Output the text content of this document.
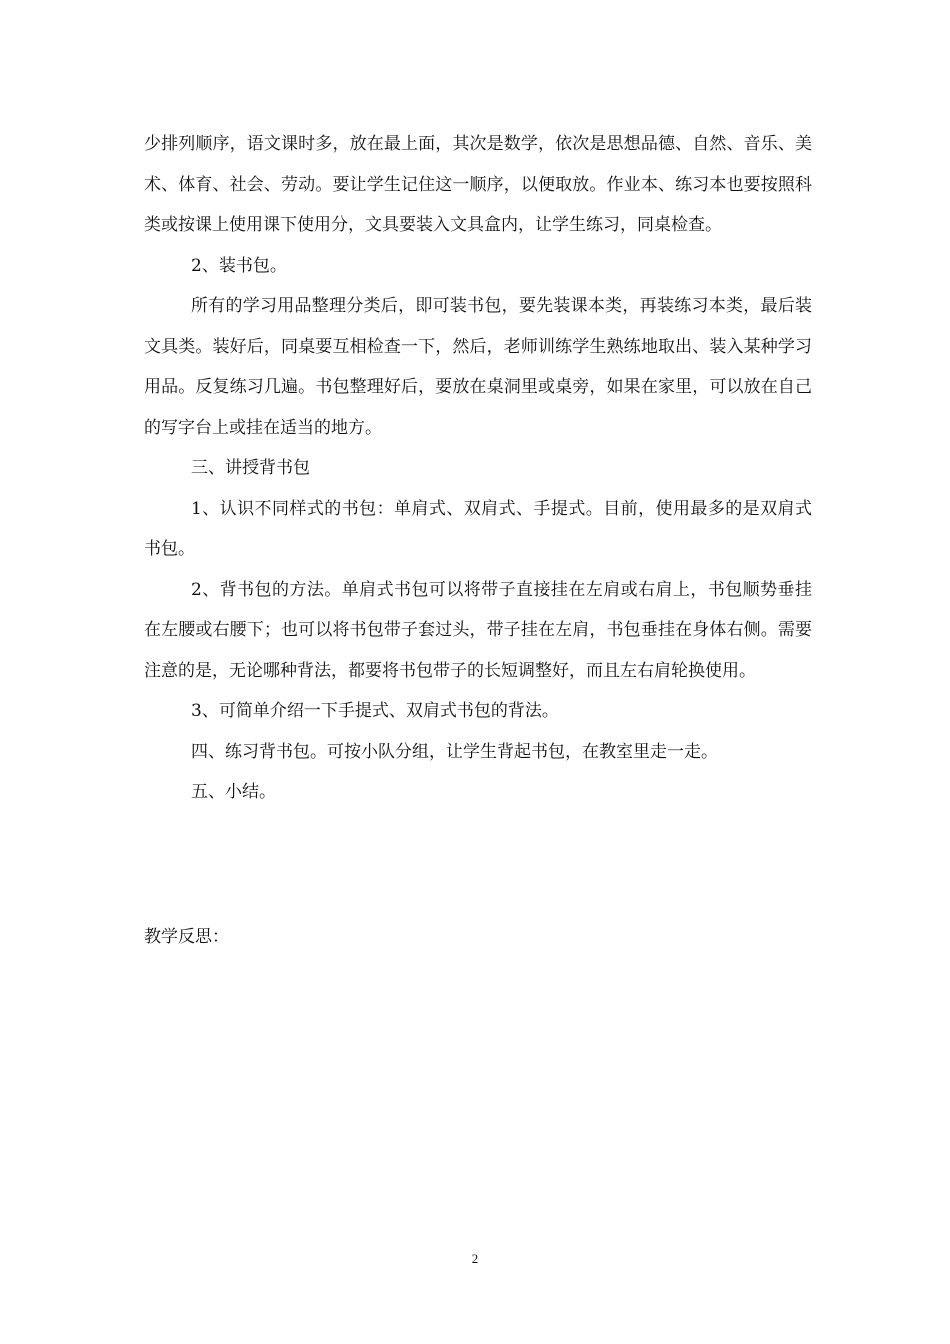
少排列顺序，语文课时多，放在最上面，其次是数学，依次是思想品德、自然、音乐、美术、体育、社会、劳动。要让学生记住这一顺序，以便取放。作业本、练习本也要按照科类或按课上使用课下使用分，文具要装入文具盒内，让学生练习，同桌检查。

2、装书包。

所有的学习用品整理分类后，即可装书包，要先装课本类，再装练习本类，最后装文具类。装好后，同桌要互相检查一下，然后，老师训练学生熟练地取出、装入某种学习用品。反复练习几遍。书包整理好后，要放在桌洞里或桌旁，如果在家里，可以放在自己的写字台上或挂在适当的地方。

三、讲授背书包

1、认识不同样式的书包：单肩式、双肩式、手提式。目前，使用最多的是双肩式书包。

2、背书包的方法。单肩式书包可以将带子直接挂在左肩或右肩上，书包顺势垂挂在左腰或右腰下；也可以将书包带子套过头，带子挂在左肩，书包垂挂在身体右侧。需要注意的是，无论哪种背法，都要将书包带子的长短调整好，而且左右肩轮换使用。

3、可简单介绍一下手提式、双肩式书包的背法。

四、练习背书包。可按小队分组，让学生背起书包，在教室里走一走。

五、小结。

教学反思：

2
